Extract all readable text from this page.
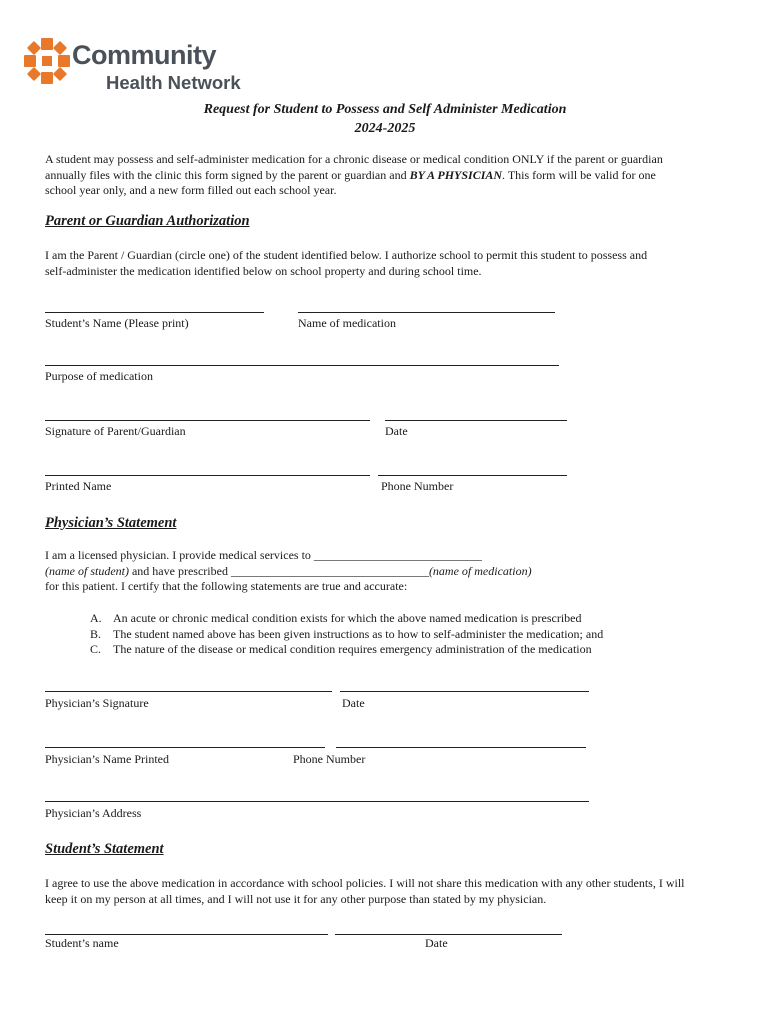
Community
Health Network
Request for Student to Possess and Self Administer Medication
2024-2025
A student may possess and self-administer medication for a chronic disease or medical condition ONLY if the parent or guardian
annually files with the clinic this form signed by the parent or guardian and BY A PHYSICIAN. This form will be valid for one
school year only, and a new form filled out each school year.
Parent or Guardian Authorization
I am the Parent / Guardian (circle one) of the student identified below. I authorize school to permit this student to possess and
self-administer the medication identified below on school property and during school time.
Student’s Name (Please print)	Name of medication
Purpose of medication
Signature of Parent/Guardian	Date
Printed Name	Phone Number
Physician’s Statement
I am a licensed physician. I provide medical services to ____________________________
(name of student) and have prescribed _________________________________(name of medication)
for this patient. I certify that the following statements are true and accurate:
A. An acute or chronic medical condition exists for which the above named medication is prescribed
B. The student named above has been given instructions as to how to self-administer the medication; and
C. The nature of the disease or medical condition requires emergency administration of the medication
Physician’s Signature	Date
Physician’s Name Printed	Phone Number
Physician’s Address
Student’s Statement
I agree to use the above medication in accordance with school policies. I will not share this medication with any other students, I will
keep it on my person at all times, and I will not use it for any other purpose than stated by my physician.
Student’s name	Date
